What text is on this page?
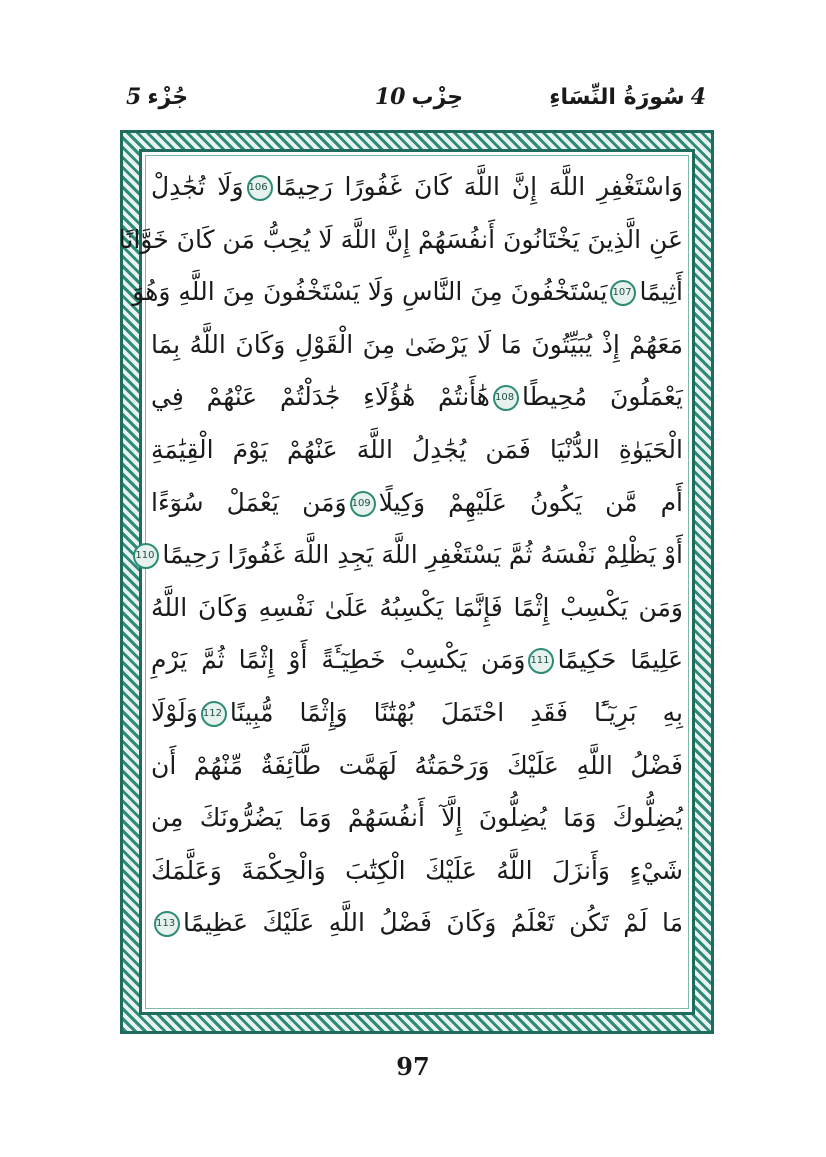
4سُورَةُ النِّسَاءِ
حِزْب10
جُزْء5
وَاسْتَغْفِرِ اللَّهَ إِنَّ اللَّهَ كَانَ غَفُورًا رَحِيمًا106وَلَا تُجَٰدِلْ
عَنِ الَّذِينَ يَخْتَانُونَ أَنفُسَهُمْ إِنَّ اللَّهَ لَا يُحِبُّ مَن كَانَ خَوَّانًا
أَثِيمًا107يَسْتَخْفُونَ مِنَ النَّاسِ وَلَا يَسْتَخْفُونَ مِنَ اللَّهِ وَهُوَ
مَعَهُمْ إِذْ يُبَيِّتُونَ مَا لَا يَرْضَىٰ مِنَ الْقَوْلِ وَكَانَ اللَّهُ بِمَا
يَعْمَلُونَ مُحِيطًا108هَٰأَنتُمْ هَٰؤُلَاءِ جَٰدَلْتُمْ عَنْهُمْ فِي
الْحَيَوٰةِ الدُّنْيَا فَمَن يُجَٰدِلُ اللَّهَ عَنْهُمْ يَوْمَ الْقِيَٰمَةِ
أَم مَّن يَكُونُ عَلَيْهِمْ وَكِيلًا109وَمَن يَعْمَلْ سُوٓءًا
أَوْ يَظْلِمْ نَفْسَهُ ثُمَّ يَسْتَغْفِرِ اللَّهَ يَجِدِ اللَّهَ غَفُورًا رَحِيمًا110
وَمَن يَكْسِبْ إِثْمًا فَإِنَّمَا يَكْسِبُهُ عَلَىٰ نَفْسِهِ وَكَانَ اللَّهُ
عَلِيمًا حَكِيمًا111وَمَن يَكْسِبْ خَطِيٓـَٔةً أَوْ إِثْمًا ثُمَّ يَرْمِ
بِهِ بَرِيٓـًٔا فَقَدِ احْتَمَلَ بُهْتَٰنًا وَإِثْمًا مُّبِينًا112وَلَوْلَا
فَضْلُ اللَّهِ عَلَيْكَ وَرَحْمَتُهُ لَهَمَّت طَّآئِفَةٌ مِّنْهُمْ أَن
يُضِلُّوكَ وَمَا يُضِلُّونَ إِلَّآ أَنفُسَهُمْ وَمَا يَضُرُّونَكَ مِن
شَيْءٍ وَأَنزَلَ اللَّهُ عَلَيْكَ الْكِتَٰبَ وَالْحِكْمَةَ وَعَلَّمَكَ
مَا لَمْ تَكُن تَعْلَمُ وَكَانَ فَضْلُ اللَّهِ عَلَيْكَ عَظِيمًا113
97
